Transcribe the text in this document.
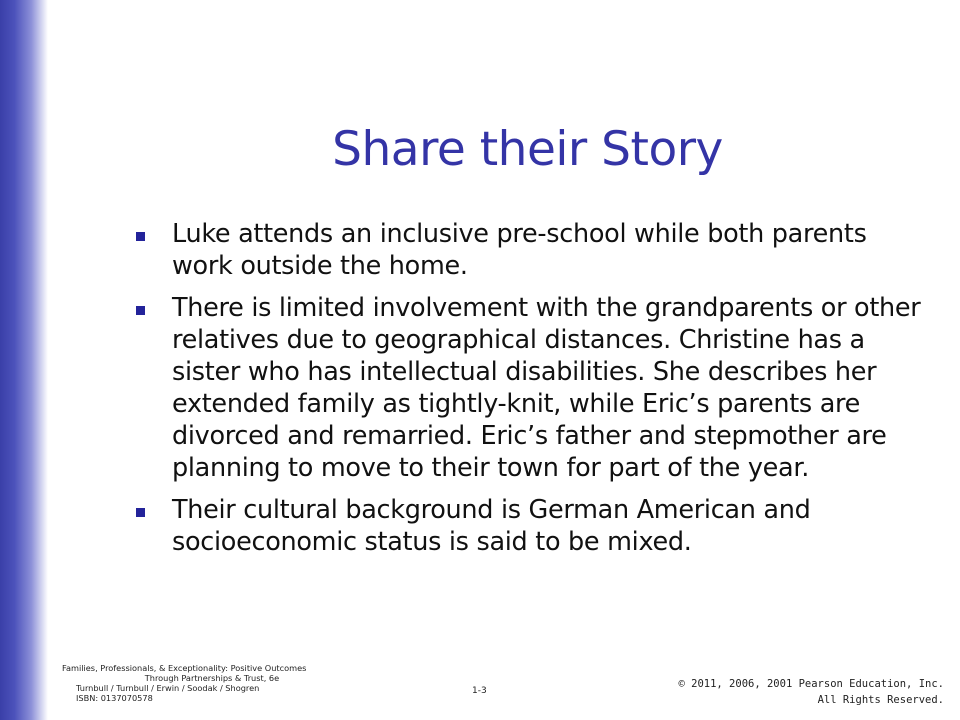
Share their Story
Luke attends an inclusive pre-school while both parents work outside the home.
There is limited involvement with the grandparents or other relatives due to geographical distances. Christine has a sister who has intellectual disabilities. She describes her extended family as tightly-knit, while Eric’s parents are divorced and remarried. Eric’s father and stepmother are planning to move to their town for part of the year.
Their cultural background is German American and socioeconomic status is said to be mixed.
Families, Professionals, & Exceptionality: Positive Outcomes
Through Partnerships & Trust, 6e
Turnbull / Turnbull / Erwin / Soodak / Shogren
ISBN: 0137070578
1-3
© 2011, 2006, 2001 Pearson Education, Inc.
All Rights Reserved.
